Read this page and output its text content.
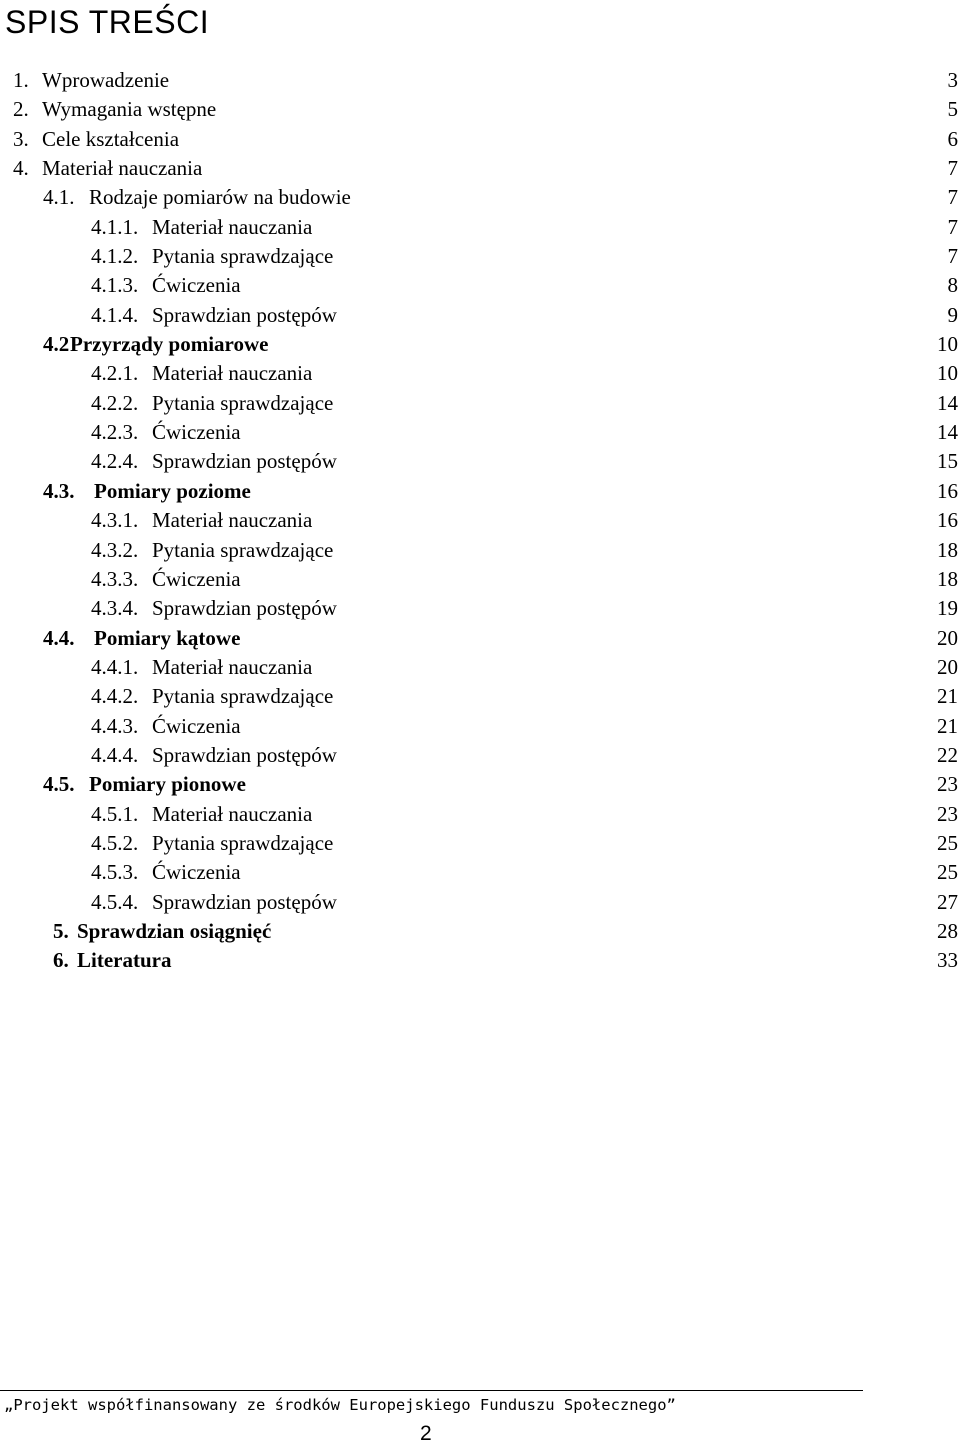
SPIS TREŚCI
1. Wprowadzenie	3
2. Wymagania wstępne	5
3. Cele kształcenia	6
4. Materiał nauczania	7
4.1. Rodzaje pomiarów na budowie	7
4.1.1. Materiał nauczania	7
4.1.2. Pytania sprawdzające	7
4.1.3. Ćwiczenia	8
4.1.4. Sprawdzian postępów	9
4.2 Przyrządy pomiarowe	10
4.2.1. Materiał nauczania	10
4.2.2. Pytania sprawdzające	14
4.2.3. Ćwiczenia	14
4.2.4. Sprawdzian postępów	15
4.3. Pomiary poziome	16
4.3.1. Materiał nauczania	16
4.3.2. Pytania sprawdzające	18
4.3.3. Ćwiczenia	18
4.3.4. Sprawdzian postępów	19
4.4. Pomiary kątowe	20
4.4.1. Materiał nauczania	20
4.4.2. Pytania sprawdzające	21
4.4.3. Ćwiczenia	21
4.4.4. Sprawdzian postępów	22
4.5. Pomiary pionowe	23
4.5.1. Materiał nauczania	23
4.5.2. Pytania sprawdzające	25
4.5.3. Ćwiczenia	25
4.5.4. Sprawdzian postępów	27
5. Sprawdzian osiągnięć	28
6. Literatura	33
„Projekt współfinansowany ze środków Europejskiego Funduszu Społecznego”
2
